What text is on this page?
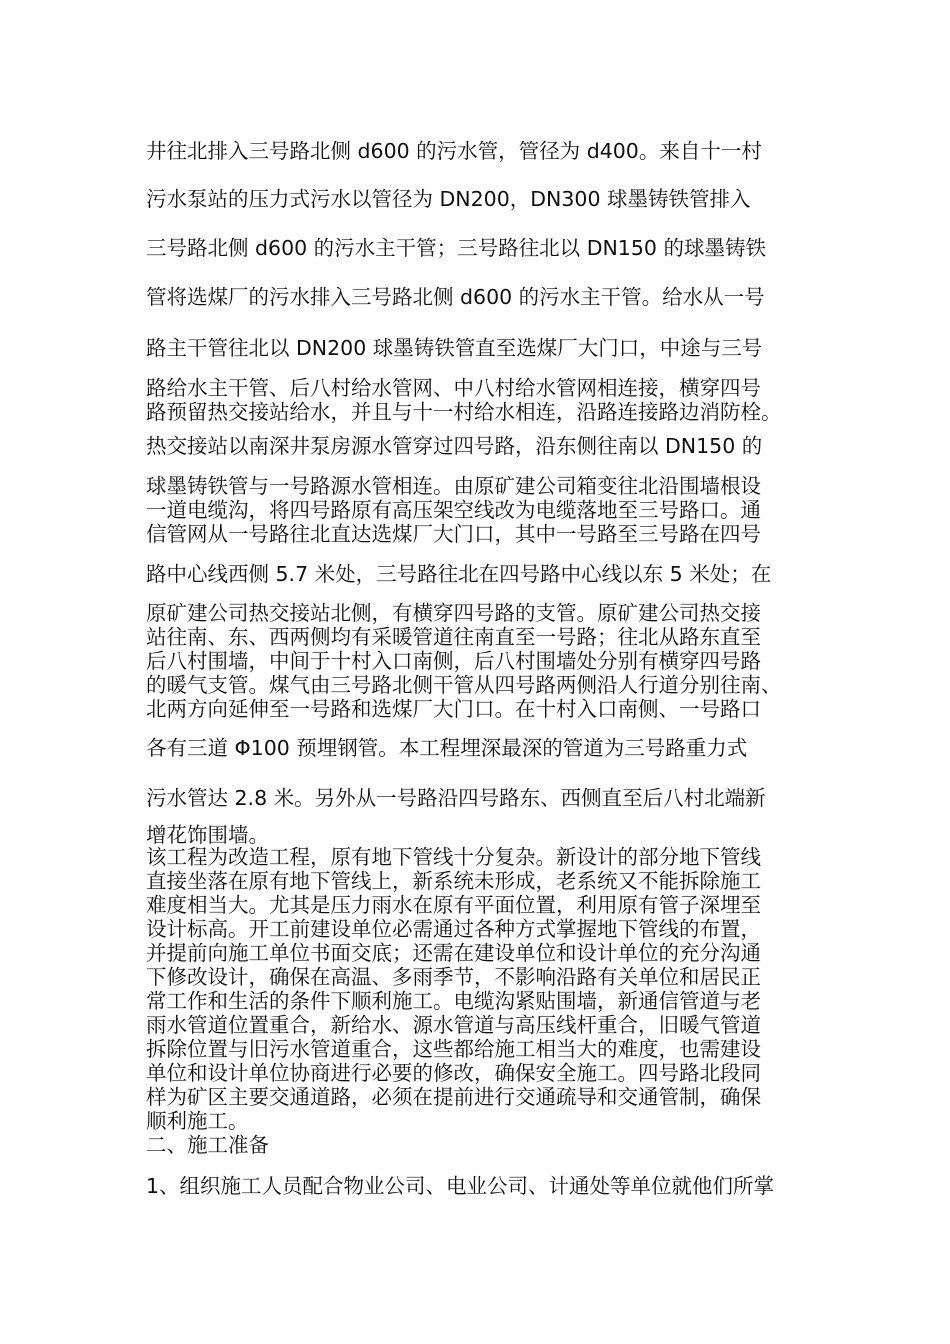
井往北排入三号路北侧 d600 的污水管，管径为 d400。来自十一村
污水泵站的压力式污水以管径为 DN200，DN300 球墨铸铁管排入
三号路北侧 d600 的污水主干管；三号路往北以 DN150 的球墨铸铁
管将选煤厂的污水排入三号路北侧 d600 的污水主干管。给水从一号
路主干管往北以 DN200 球墨铸铁管直至选煤厂大门口，中途与三号
路给水主干管、后八村给水管网、中八村给水管网相连接，横穿四号
路预留热交接站给水，并且与十一村给水相连，沿路连接路边消防栓。
热交接站以南深井泵房源水管穿过四号路，沿东侧往南以 DN150 的
球墨铸铁管与一号路源水管相连。由原矿建公司箱变往北沿围墙根设
一道电缆沟，将四号路原有高压架空线改为电缆落地至三号路口。通
信管网从一号路往北直达选煤厂大门口，其中一号路至三号路在四号
路中心线西侧 5.7 米处，三号路往北在四号路中心线以东 5 米处；在
原矿建公司热交接站北侧，有横穿四号路的支管。原矿建公司热交接
站往南、东、西两侧均有采暖管道往南直至一号路；往北从路东直至
后八村围墙，中间于十村入口南侧，后八村围墙处分别有横穿四号路
的暖气支管。煤气由三号路北侧干管从四号路两侧沿人行道分别往南、
北两方向延伸至一号路和选煤厂大门口。在十村入口南侧、一号路口
各有三道 Φ100 预埋钢管。本工程埋深最深的管道为三号路重力式
污水管达 2.8 米。另外从一号路沿四号路东、西侧直至后八村北端新
增花饰围墙。
该工程为改造工程，原有地下管线十分复杂。新设计的部分地下管线
直接坐落在原有地下管线上，新系统未形成，老系统又不能拆除施工
难度相当大。尤其是压力雨水在原有平面位置，利用原有管子深埋至
设计标高。开工前建设单位必需通过各种方式掌握地下管线的布置，
并提前向施工单位书面交底；还需在建设单位和设计单位的充分沟通
下修改设计，确保在高温、多雨季节，不影响沿路有关单位和居民正
常工作和生活的条件下顺利施工。电缆沟紧贴围墙，新通信管道与老
雨水管道位置重合，新给水、源水管道与高压线杆重合，旧暖气管道
拆除位置与旧污水管道重合，这些都给施工相当大的难度，也需建设
单位和设计单位协商进行必要的修改，确保安全施工。四号路北段同
样为矿区主要交通道路，必须在提前进行交通疏导和交通管制，确保
顺利施工。
二、施工准备
1、组织施工人员配合物业公司、电业公司、计通处等单位就他们所掌
